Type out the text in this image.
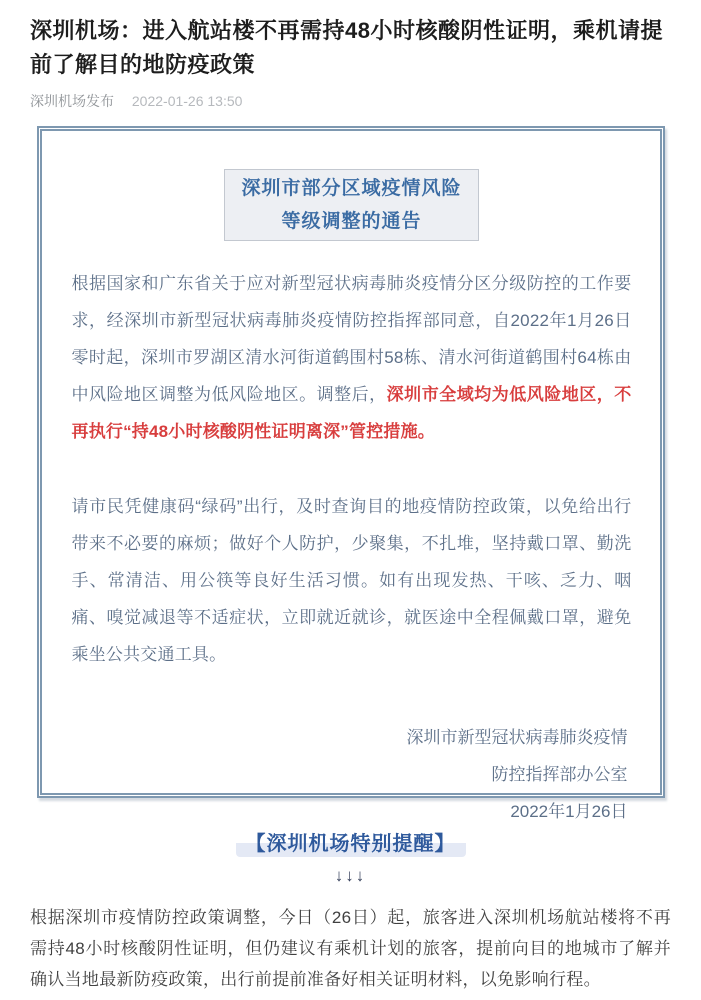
深圳机场：进入航站楼不再需持48小时核酸阴性证明，乘机请提前了解目的地防疫政策
深圳机场发布 2022-01-26 13:50
深圳市部分区域疫情风险
等级调整的通告

根据国家和广东省关于应对新型冠状病毒肺炎疫情分区分级防控的工作要求，经深圳市新型冠状病毒肺炎疫情防控指挥部同意，自2022年1月26日零时起，深圳市罗湖区清水河街道鹤围村58栋、清水河街道鹤围村64栋由中风险地区调整为低风险地区。调整后，深圳市全域均为低风险地区，不再执行“持48小时核酸阴性证明离深”管控措施。

请市民凭健康码“绿码”出行，及时查询目的地疫情防控政策，以免给出行带来不必要的麻烦；做好个人防护，少聚集，不扎堆，坚持戴口罩、勤洗手、常清洁、用公筷等良好生活习惯。如有出现发热、干咳、乏力、咽痛、嗅觉减退等不适症状，立即就近就诊，就医途中全程佩戴口罩，避免乘坐公共交通工具。

深圳市新型冠状病毒肺炎疫情
防控指挥部办公室
2022年1月26日
【深圳机场特别提醒】
↓↓↓

根据深圳市疫情防控政策调整，今日（26日）起，旅客进入深圳机场航站楼将不再需持48小时核酸阴性证明，但仍建议有乘机计划的旅客，提前向目的地城市了解并确认当地最新防疫政策，出行前提前准备好相关证明材料，以免影响行程。
